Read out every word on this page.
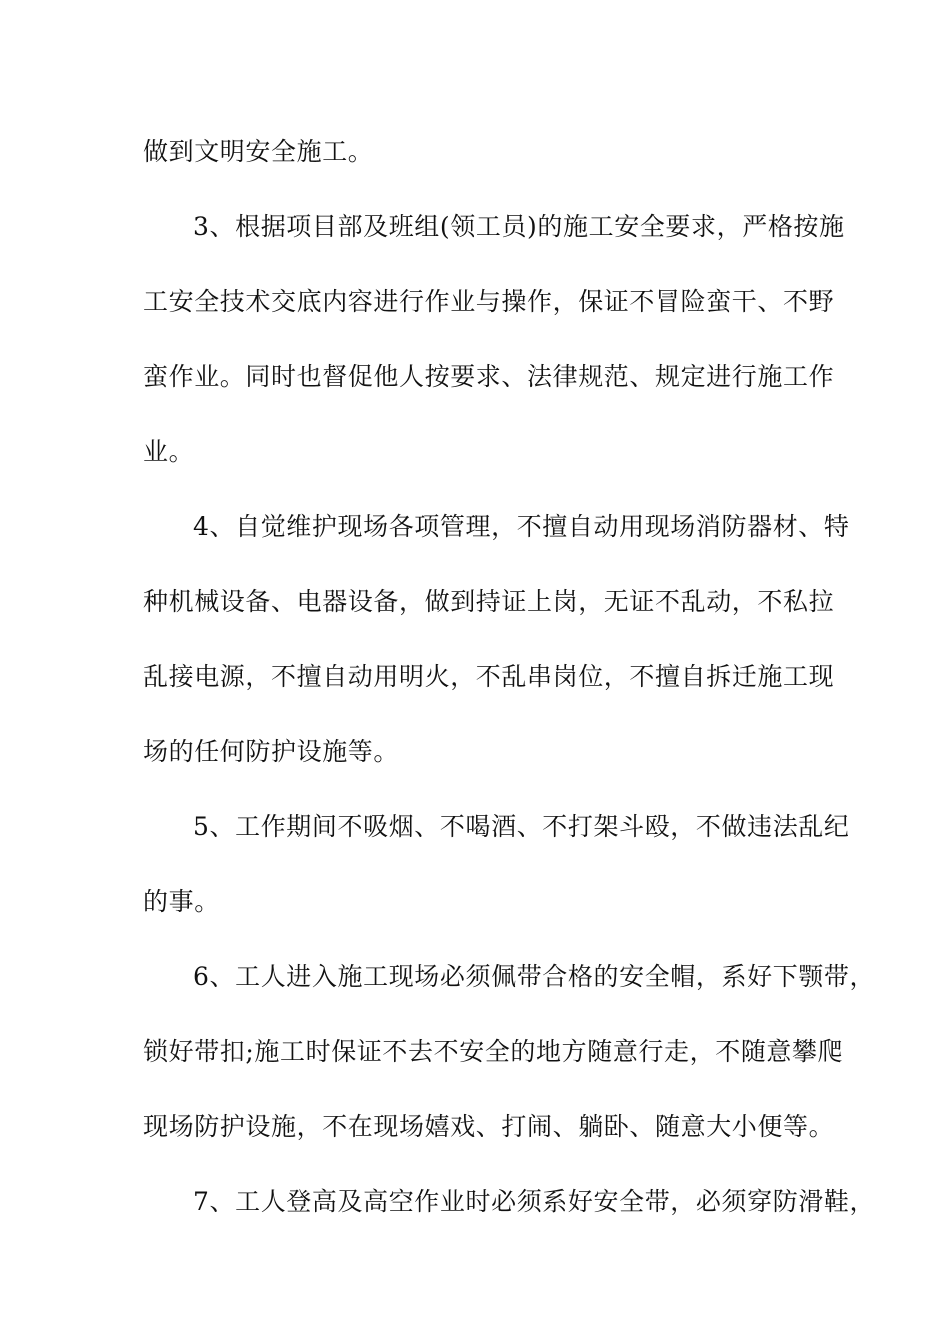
做到文明安全施工。
3、根据项目部及班组(领工员)的施工安全要求，严格按施
工安全技术交底内容进行作业与操作，保证不冒险蛮干、不野
蛮作业。同时也督促他人按要求、法律规范、规定进行施工作
业。
4、自觉维护现场各项管理，不擅自动用现场消防器材、特
种机械设备、电器设备，做到持证上岗，无证不乱动，不私拉
乱接电源，不擅自动用明火，不乱串岗位，不擅自拆迁施工现
场的任何防护设施等。
5、工作期间不吸烟、不喝酒、不打架斗殴，不做违法乱纪
的事。
6、工人进入施工现场必须佩带合格的安全帽，系好下颚带，
锁好带扣;施工时保证不去不安全的地方随意行走，不随意攀爬
现场防护设施，不在现场嬉戏、打闹、躺卧、随意大小便等。
7、工人登高及高空作业时必须系好安全带，必须穿防滑鞋，
